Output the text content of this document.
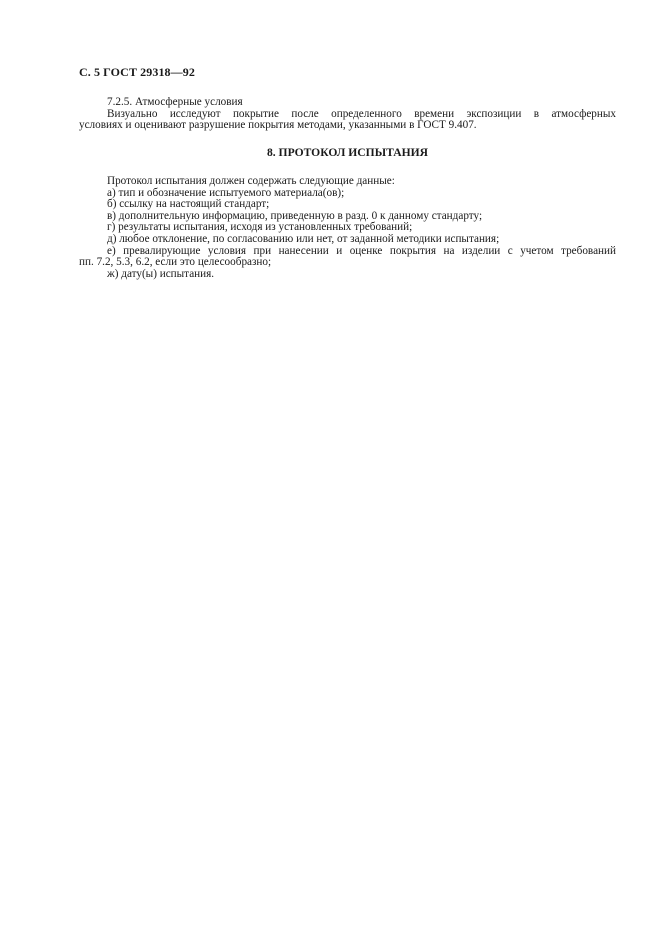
С. 5 ГОСТ 29318—92
7.2.5. Атмосферные условия
Визуально исследуют покрытие после определенного времени экспозиции в атмосферных
условиях и оценивают разрушение покрытия методами, указанными в ГОСТ 9.407.
8. ПРОТОКОЛ ИСПЫТАНИЯ
Протокол испытания должен содержать следующие данные:
а) тип и обозначение испытуемого материала(ов);
б) ссылку на настоящий стандарт;
в) дополнительную информацию, приведенную в разд. 0 к данному стандарту;
г) результаты испытания, исходя из установленных требований;
д) любое отклонение, по согласованию или нет, от заданной методики испытания;
е) превалирующие условия при нанесении и оценке покрытия на изделии с учетом требований
пп. 7.2, 5.3, 6.2, если это целесообразно;
ж) дату(ы) испытания.
